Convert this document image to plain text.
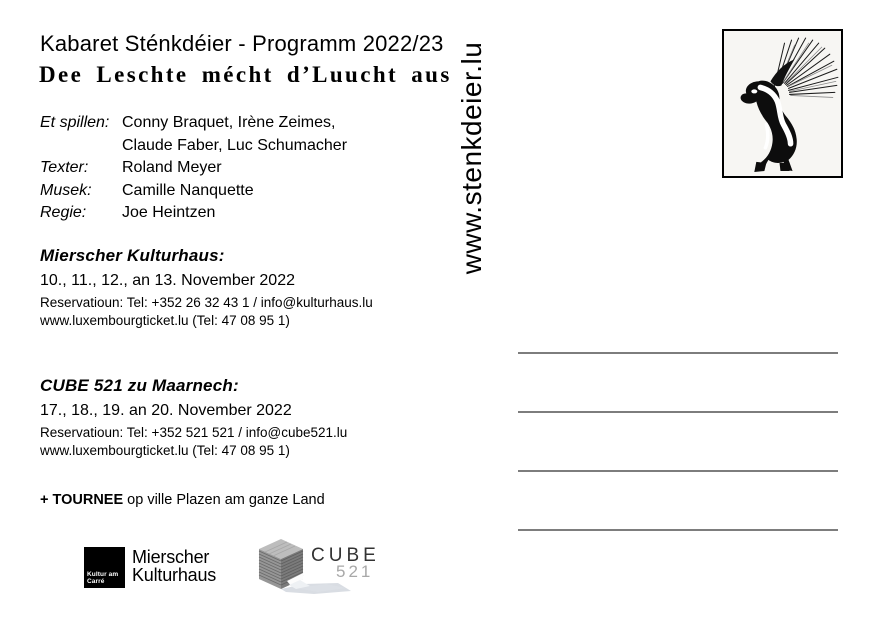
Kabaret Sténkdéier - Programm 2022/23
Dee Leschte mécht d’Luucht aus
Et spillen: Conny Braquet, Irène Zeimes,
Claude Faber, Luc Schumacher
Texter:	Roland Meyer
Musek:	Camille Nanquette
Regie:	Joe Heintzen
Mierscher Kulturhaus:
10., 11., 12., an 13. November 2022
Reservatioun: Tel: +352 26 32 43 1 / info@kulturhaus.lu
www.luxembourgticket.lu (Tel: 47 08 95 1)
CUBE 521 zu Maarnech:
17., 18., 19. an 20. November 2022
Reservatioun: Tel: +352 521 521 / info@cube521.lu
www.luxembourgticket.lu (Tel: 47 08 95 1)
+ TOURNEE op ville Plazen am ganze Land
www.stenkdeier.lu
Kultur am
Carré
Mierscher
Kulturhaus
CUBE
521
